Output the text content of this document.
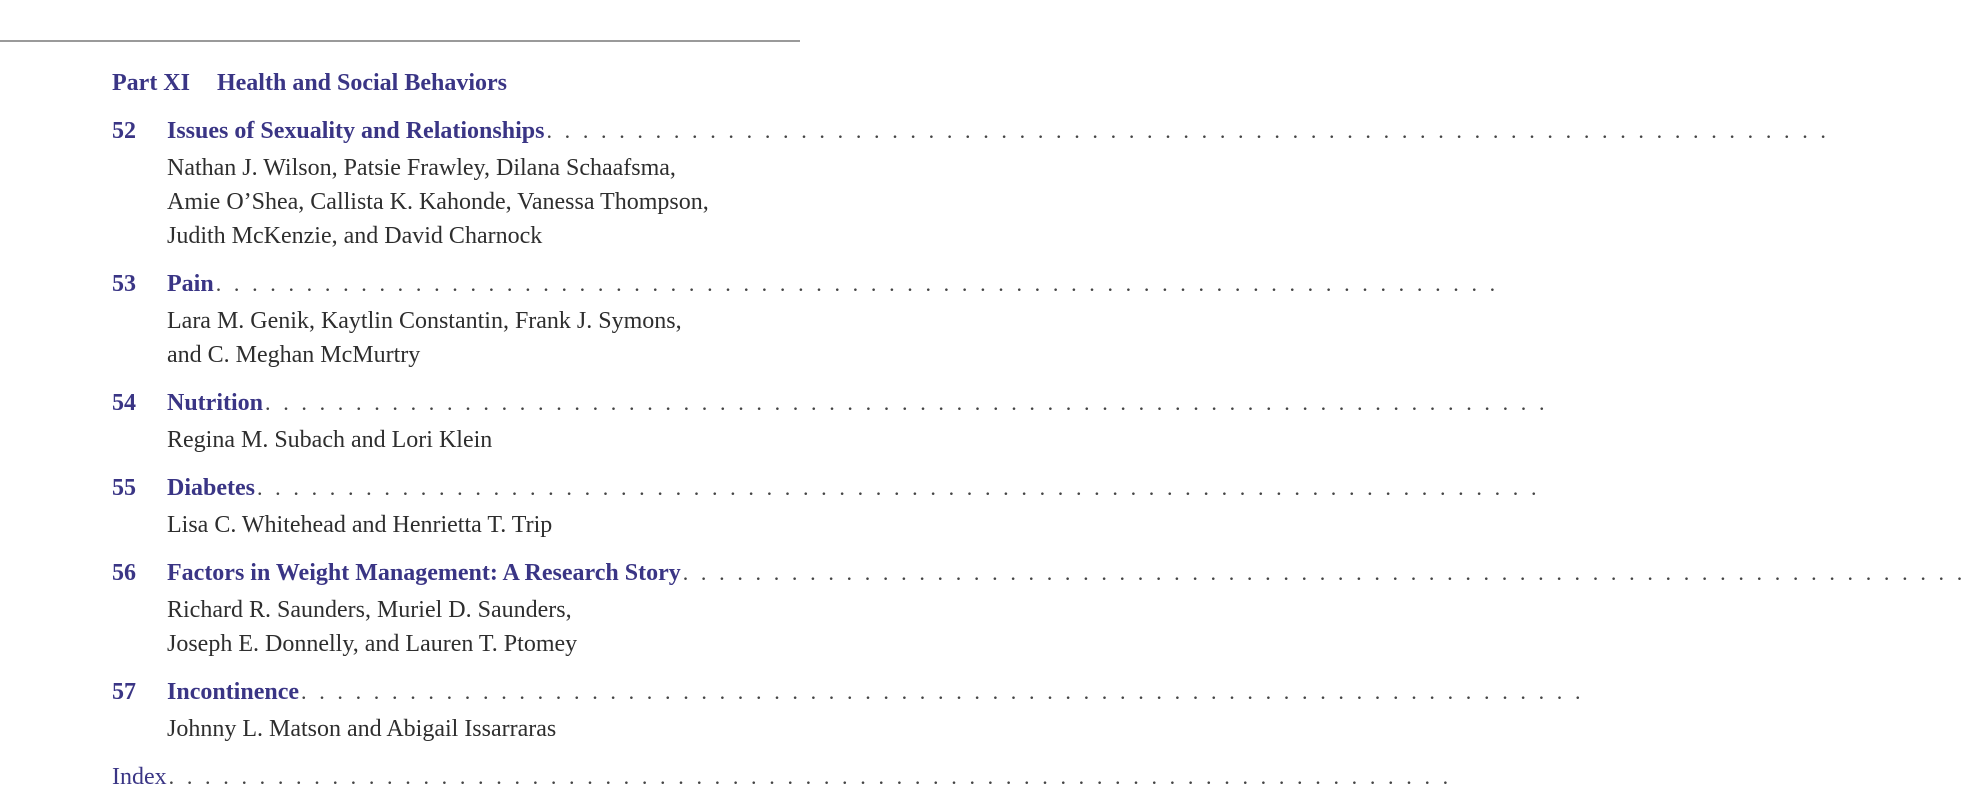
Part XI Health and Social Behaviors
52	Issues of Sexuality and Relationships . . . . . . . . . . . . . . . . . . . . . . . . . . . . . . . . . . . . . . . . . . . . . . . . . . . . . . . . . . . . . . . . . . . . . . .
Nathan J. Wilson, Patsie Frawley, Dilana Schaafsma,
Amie O’Shea, Callista K. Kahonde, Vanessa Thompson,
Judith McKenzie, and David Charnock
53	Pain . . . . . . . . . . . . . . . . . . . . . . . . . . . . . . . . . . . . . . . . . . . . . . . . . . . . . . . . . . . . . . . . . . . . . . .
Lara M. Genik, Kaytlin Constantin, Frank J. Symons,
and C. Meghan McMurtry
54	Nutrition . . . . . . . . . . . . . . . . . . . . . . . . . . . . . . . . . . . . . . . . . . . . . . . . . . . . . . . . . . . . . . . . . . . . . . .
Regina M. Subach and Lori Klein
55	Diabetes . . . . . . . . . . . . . . . . . . . . . . . . . . . . . . . . . . . . . . . . . . . . . . . . . . . . . . . . . . . . . . . . . . . . . . .
Lisa C. Whitehead and Henrietta T. Trip
56	Factors in Weight Management: A Research Story . . . . . . . . . . . . . . . . . . . . . . . . . . . . . . . . . . . . . . . . . . . . . . . . . . . . . . . . . . . . . . . . . . . . . . .
Richard R. Saunders, Muriel D. Saunders,
Joseph E. Donnelly, and Lauren T. Ptomey
57	Incontinence . . . . . . . . . . . . . . . . . . . . . . . . . . . . . . . . . . . . . . . . . . . . . . . . . . . . . . . . . . . . . . . . . . . . . . .
Johnny L. Matson and Abigail Issarraras
Index . . . . . . . . . . . . . . . . . . . . . . . . . . . . . . . . . . . . . . . . . . . . . . . . . . . . . . . . . . . . . . . . . . . . . . .
